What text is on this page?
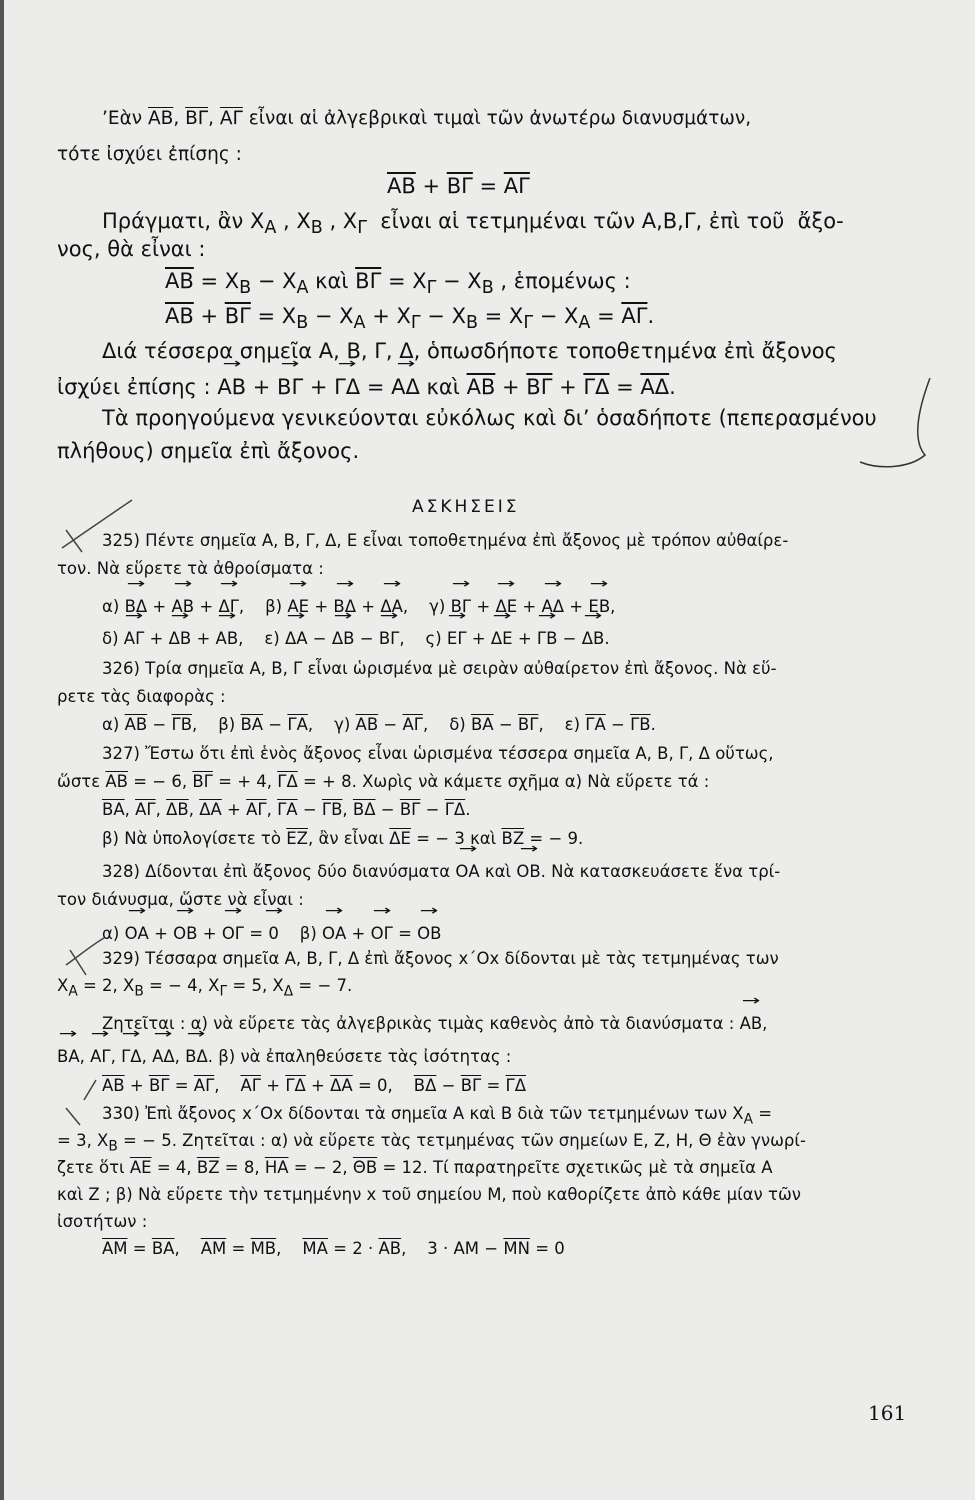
’Εὰν $\overline{AB}$, $\overline{B\Gamma}$, $\overline{A\Gamma}$ εἶναι αἱ ἀλγεβρικαὶ τιμαὶ τῶν ἀνωτέρω διανυσμάτων,
τότε ἰσχύει ἐπίσης :
$\overline{AB} + \overline{B\Gamma} = \overline{A\Gamma}$
Πράγματι, ἂν $X_A$ , $X_B$ , $X_\Gamma$  εἶναι αἱ τετμημέναι τῶν Α,Β,Γ, ἐπὶ τοῦ  ἄξο-
νος, θὰ εἶναι :
$\overline{AB} = X_B - X_A$ καὶ $\overline{B\Gamma} = X_\Gamma - X_B$ , ἑπομένως :
$\overline{AB} + \overline{B\Gamma} = X_B - X_A + X_\Gamma - X_B = X_\Gamma - X_A = \overline{A\Gamma}$.
Διά τέσσερα σημεῖα Α, Β, Γ, Δ, ὁπωσδήποτε τοποθετημένα ἐπὶ ἄξονος
ἰσχύει ἐπίσης : → ΑΒ + → ΒΓ + → ΓΔ = → ΑΔ καὶ $\overline{AB} + \overline{B\Gamma} + \overline{\Gamma\Delta} = \overline{A\Delta}$.
Τὰ προηγούμενα γενικεύονται εὐκόλως καὶ δι’ ὁσαδήποτε (πεπερασμένου
πλήθους) σημεῖα ἐπὶ ἄξονος.
ΑΣΚΗΣΕΙΣ
325) Πέντε σημεῖα Α, Β, Γ, Δ, Ε εἶναι τοποθετημένα ἐπὶ ἄξονος μὲ τρόπον αὐθαίρε-
τον. Νὰ εὕρετε τὰ ἀθροίσματα :
α) → ΒΔ + → ΑΒ + → ΔΓ,    β) → ΑΕ + → ΒΔ + → ΔΑ,    γ) → ΒΓ + → ΔΕ + → ΑΔ + → ΕΒ,
δ) → ΑΓ + → ΔΒ + → ΑΒ,    ε) → ΔΑ − → ΔΒ − → ΒΓ,    ς) → ΕΓ + → ΔΕ + → ΓΒ − → ΔΒ.
326) Τρία σημεῖα Α, Β, Γ εἶναι ὡρισμένα μὲ σειρὰν αὐθαίρετον ἐπὶ ἄξονος. Νὰ εὕ-
ρετε τὰς διαφορὰς :
α) $\overline{AB} - \overline{\Gamma B}$,    β) $\overline{BA} - \overline{\Gamma A}$,    γ) $\overline{AB} - \overline{A\Gamma}$,    δ) $\overline{BA} - \overline{B\Gamma}$,    ε) $\overline{\Gamma A} - \overline{\Gamma B}$.
327) Ἔστω ὅτι ἐπὶ ἑνὸς ἄξονος εἶναι ὡρισμένα τέσσερα σημεῖα Α, Β, Γ, Δ οὕτως,
ὥστε $\overline{AB}$ = − 6, $\overline{B\Gamma}$ = + 4, $\overline{\Gamma\Delta}$ = + 8. Χωρὶς νὰ κάμετε σχῆμα α) Νὰ εὕρετε τά :
$\overline{BA}$, $\overline{A\Gamma}$, $\overline{\Delta B}$, $\overline{\Delta A} + \overline{A\Gamma}$, $\overline{\Gamma A} - \overline{\Gamma B}$, $\overline{B\Delta} - \overline{B\Gamma} - \overline{\Gamma\Delta}$.
β) Νὰ ὑπολογίσετε τὸ $\overline{EZ}$, ἂν εἶναι $\overline{\Delta E}$ = − 3 καὶ $\overline{BZ}$ = − 9.
328) Δίδονται ἐπὶ ἄξονος δύο διανύσματα → ΟΑ καὶ → ΟΒ. Νὰ κατασκευάσετε ἕνα τρί-
τον διάνυσμα, ὥστε νὰ εἶναι :
α) → ΟΑ + → ΟΒ + → ΟΓ = → 0    β) → ΟΑ + → ΟΓ = → ΟΒ
329) Τέσσαρα σημεῖα Α, Β, Γ, Δ ἐπὶ ἄξονος x΄Ox δίδονται μὲ τὰς τετμημένας των
$X_A = 2$, $X_B$ = − 4, $X_\Gamma = 5$, $X_\Delta$ = − 7.
Ζητεῖται : α) νὰ εὕρετε τὰς ἀλγεβρικὰς τιμὰς καθενὸς ἀπὸ τὰ διανύσματα : → ΑΒ,
→ ΒΑ, → ΑΓ, → ΓΔ, → ΑΔ, → ΒΔ. β) νὰ ἐπαληθεύσετε τὰς ἰσότητας :
$\overline{AB} + \overline{B\Gamma} = \overline{A\Gamma}$,    $\overline{A\Gamma} + \overline{\Gamma\Delta} + \overline{\Delta A} = 0$,    $\overline{B\Delta} - \overline{B\Gamma} = \overline{\Gamma\Delta}$
330) Ἐπὶ ἄξονος x΄Ox δίδονται τὰ σημεῖα Α καὶ Β διὰ τῶν τετμημένων των $X_A$ =
= 3, $X_B$ = − 5. Ζητεῖται : α) νὰ εὕρετε τὰς τετμημένας τῶν σημείων Ε, Ζ, Η, Θ ἐὰν γνωρί-
ζετε ὅτι $\overline{AE} = 4$, $\overline{BZ} = 8$, $\overline{HA}$ = − 2, $\overline{\Theta B} = 12$. Τί παρατηρεῖτε σχετικῶς μὲ τὰ σημεῖα Α
καὶ Ζ ; β) Νὰ εὕρετε τὴν τετμημένην x τοῦ σημείου Μ, ποὺ καθορίζετε ἀπὸ κάθε μίαν τῶν
ἰσοτήτων :
$\overline{AM} = \overline{BA}$,    $\overline{AM} = \overline{MB}$,    $\overline{MA} = 2 \cdot \overline{AB}$,    $3 \cdot AM - \overline{MN} = 0$
161
